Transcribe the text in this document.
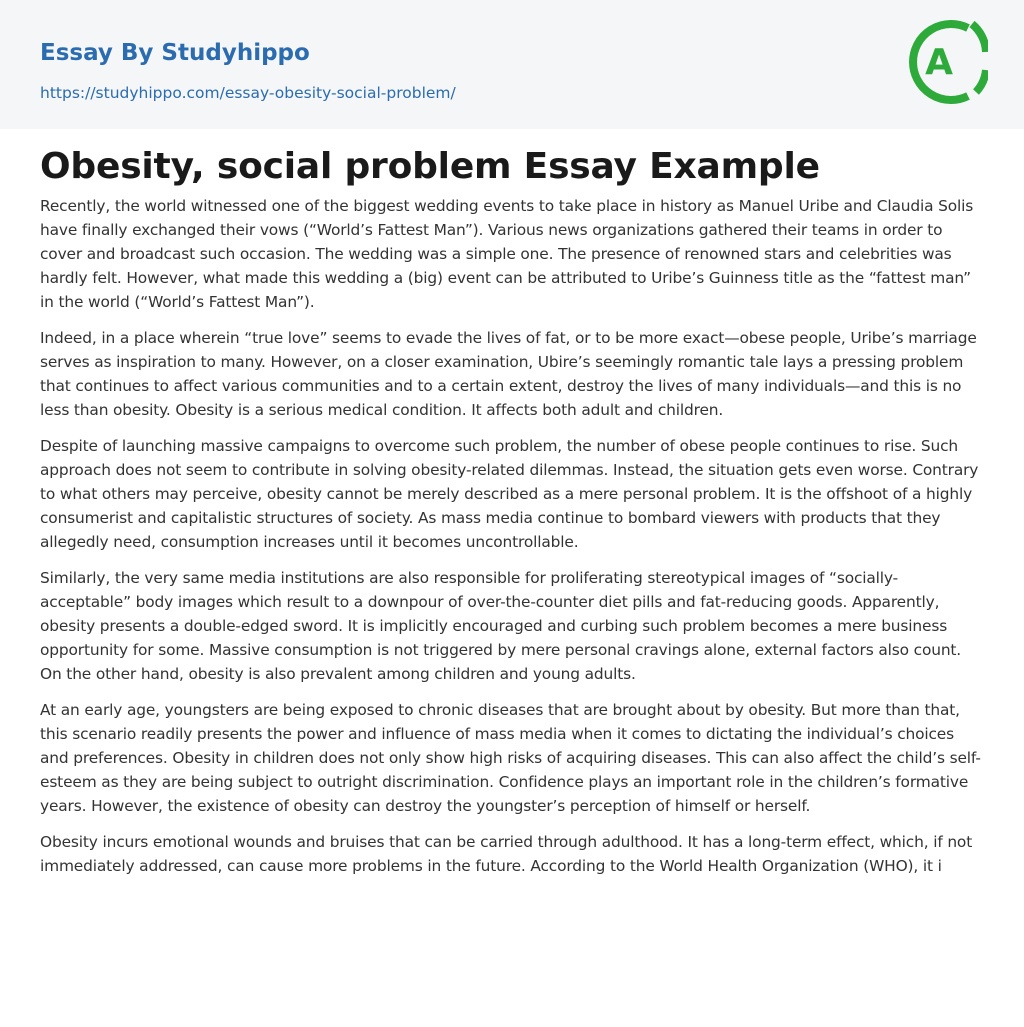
Essay By Studyhippo
https://studyhippo.com/essay-obesity-social-problem/
A
Obesity, social problem Essay Example

Recently, the world witnessed one of the biggest wedding events to take place in history as Manuel Uribe and Claudia Solis have finally exchanged their vows (“World’s Fattest Man”). Various news organizations gathered their teams in order to cover and broadcast such occasion. The wedding was a simple one. The presence of renowned stars and celebrities was hardly felt. However, what made this wedding a (big) event can be attributed to Uribe’s Guinness title as the “fattest man” in the world (“World’s Fattest Man”).

Indeed, in a place wherein “true love” seems to evade the lives of fat, or to be more exact—obese people, Uribe’s marriage serves as inspiration to many. However, on a closer examination, Ubire’s seemingly romantic tale lays a pressing problem that continues to affect various communities and to a certain extent, destroy the lives of many individuals—and this is no less than obesity. Obesity is a serious medical condition. It affects both adult and children.

Despite of launching massive campaigns to overcome such problem, the number of obese people continues to rise. Such approach does not seem to contribute in solving obesity-related dilemmas. Instead, the situation gets even worse. Contrary to what others may perceive, obesity cannot be merely described as a mere personal problem. It is the offshoot of a highly consumerist and capitalistic structures of society. As mass media continue to bombard viewers with products that they allegedly need, consumption increases until it becomes uncontrollable.

Similarly, the very same media institutions are also responsible for proliferating stereotypical images of “socially-acceptable” body images which result to a downpour of over-the-counter diet pills and fat-reducing goods. Apparently, obesity presents a double-edged sword. It is implicitly encouraged and curbing such problem becomes a mere business opportunity for some. Massive consumption is not triggered by mere personal cravings alone, external factors also count. On the other hand, obesity is also prevalent among children and young adults.

At an early age, youngsters are being exposed to chronic diseases that are brought about by obesity. But more than that, this scenario readily presents the power and influence of mass media when it comes to dictating the individual’s choices and preferences. Obesity in children does not only show high risks of acquiring diseases. This can also affect the child’s self-esteem as they are being subject to outright discrimination. Confidence plays an important role in the children’s formative years. However, the existence of obesity can destroy the youngster’s perception of himself or herself.

Obesity incurs emotional wounds and bruises that can be carried through adulthood. It has a long-term effect, which, if not immediately addressed, can cause more problems in the future. According to the World Health Organization (WHO), it i
